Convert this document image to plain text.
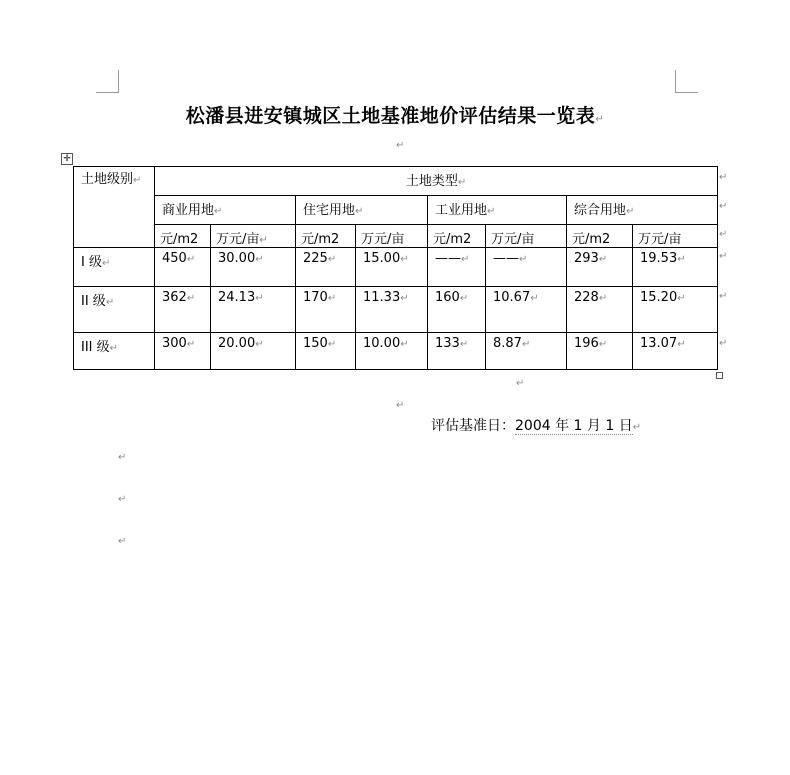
松潘县进安镇城区土地基准地价评估结果一览表↵
↵
✛
土地级别↵	土地类型↵							
	商业用地↵		住宅用地↵		工业用地↵		综合用地↵	
	元/m2	万元/亩↵	元/m2	万元/亩	元/m2	万元/亩	元/m2	万元/亩
I 级↵	450↵	30.00↵	225↵	15.00↵	——↵	——↵	293↵	19.53↵
II 级↵	362↵	24.13↵	170↵	11.33↵	160↵	10.67↵	228↵	15.20↵
III 级↵	300↵	20.00↵	150↵	10.00↵	133↵	8.87↵	196↵	13.07↵
↵
↵
↵
↵
↵
↵
↵
↵
评估基准日：2004 年 1 月 1 日↵
↵
↵
↵
